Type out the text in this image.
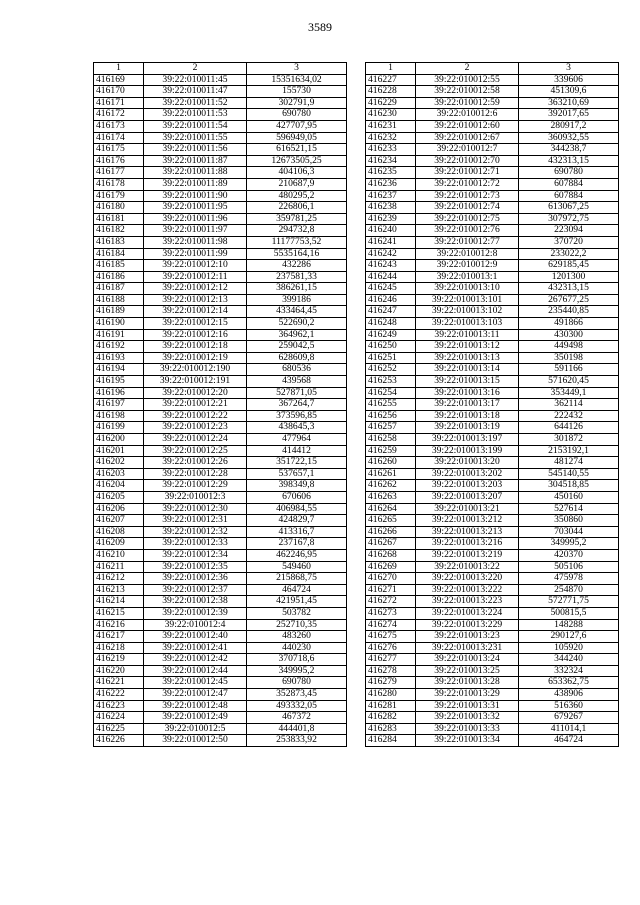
3589
1	2	3
416169	39:22:010011:45	15351634,02
416170	39:22:010011:47	155730
416171	39:22:010011:52	302791,9
416172	39:22:010011:53	690780
416173	39:22:010011:54	427707,95
416174	39:22:010011:55	596949,05
416175	39:22:010011:56	616521,15
416176	39:22:010011:87	12673505,25
416177	39:22:010011:88	404106,3
416178	39:22:010011:89	210687,9
416179	39:22:010011:90	480295,2
416180	39:22:010011:95	226806,1
416181	39:22:010011:96	359781,25
416182	39:22:010011:97	294732,8
416183	39:22:010011:98	11177753,52
416184	39:22:010011:99	5535164,16
416185	39:22:010012:10	432286
416186	39:22:010012:11	237581,33
416187	39:22:010012:12	386261,15
416188	39:22:010012:13	399186
416189	39:22:010012:14	433464,45
416190	39:22:010012:15	522690,2
416191	39:22:010012:16	364962,1
416192	39:22:010012:18	259042,5
416193	39:22:010012:19	628609,8
416194	39:22:010012:190	680536
416195	39:22:010012:191	439568
416196	39:22:010012:20	527871,05
416197	39:22:010012:21	367264,7
416198	39:22:010012:22	373596,85
416199	39:22:010012:23	438645,3
416200	39:22:010012:24	477964
416201	39:22:010012:25	414412
416202	39:22:010012:26	351722,15
416203	39:22:010012:28	537657,1
416204	39:22:010012:29	398349,8
416205	39:22:010012:3	670606
416206	39:22:010012:30	406984,55
416207	39:22:010012:31	424829,7
416208	39:22:010012:32	413316,7
416209	39:22:010012:33	237167,8
416210	39:22:010012:34	462246,95
416211	39:22:010012:35	549460
416212	39:22:010012:36	215868,75
416213	39:22:010012:37	464724
416214	39:22:010012:38	421951,45
416215	39:22:010012:39	503782
416216	39:22:010012:4	252710,35
416217	39:22:010012:40	483260
416218	39:22:010012:41	440230
416219	39:22:010012:42	370718,6
416220	39:22:010012:44	349995,2
416221	39:22:010012:45	690780
416222	39:22:010012:47	352873,45
416223	39:22:010012:48	493332,05
416224	39:22:010012:49	467372
416225	39:22:010012:5	444401,8
416226	39:22:010012:50	253833,92
1	2	3
416227	39:22:010012:55	339606
416228	39:22:010012:58	451309,6
416229	39:22:010012:59	363210,69
416230	39:22:010012:6	392017,65
416231	39:22:010012:60	280917,2
416232	39:22:010012:67	360932,55
416233	39:22:010012:7	344238,7
416234	39:22:010012:70	432313,15
416235	39:22:010012:71	690780
416236	39:22:010012:72	607884
416237	39:22:010012:73	607884
416238	39:22:010012:74	613067,25
416239	39:22:010012:75	307972,75
416240	39:22:010012:76	223094
416241	39:22:010012:77	370720
416242	39:22:010012:8	233022,2
416243	39:22:010012:9	629185,45
416244	39:22:010013:1	1201300
416245	39:22:010013:10	432313,15
416246	39:22:010013:101	267677,25
416247	39:22:010013:102	235440,85
416248	39:22:010013:103	491866
416249	39:22:010013:11	430300
416250	39:22:010013:12	449498
416251	39:22:010013:13	350198
416252	39:22:010013:14	591166
416253	39:22:010013:15	571620,45
416254	39:22:010013:16	353449,1
416255	39:22:010013:17	362114
416256	39:22:010013:18	222432
416257	39:22:010013:19	644126
416258	39:22:010013:197	301872
416259	39:22:010013:199	2153192,1
416260	39:22:010013:20	481274
416261	39:22:010013:202	545140,55
416262	39:22:010013:203	304518,85
416263	39:22:010013:207	450160
416264	39:22:010013:21	527614
416265	39:22:010013:212	350860
416266	39:22:010013:213	703044
416267	39:22:010013:216	349995,2
416268	39:22:010013:219	420370
416269	39:22:010013:22	505106
416270	39:22:010013:220	475978
416271	39:22:010013:222	254870
416272	39:22:010013:223	572771,75
416273	39:22:010013:224	500815,5
416274	39:22:010013:229	148288
416275	39:22:010013:23	290127,6
416276	39:22:010013:231	105920
416277	39:22:010013:24	344240
416278	39:22:010013:25	332324
416279	39:22:010013:28	653362,75
416280	39:22:010013:29	438906
416281	39:22:010013:31	516360
416282	39:22:010013:32	679267
416283	39:22:010013:33	411014,1
416284	39:22:010013:34	464724
